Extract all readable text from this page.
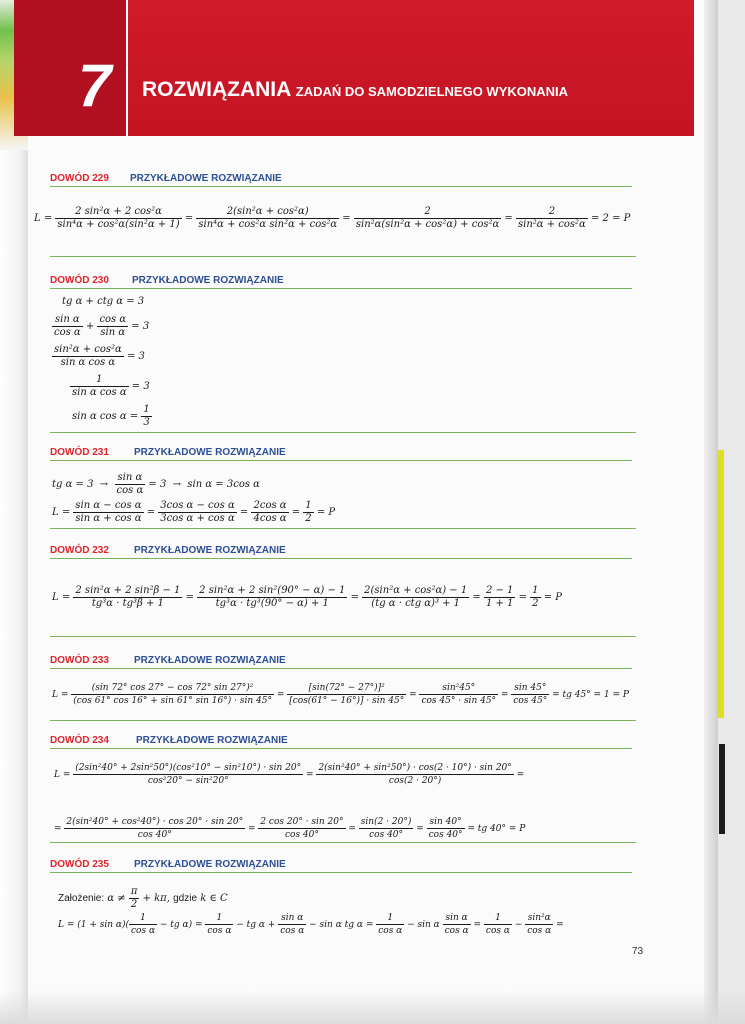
7 ROZWIĄZANIA ZADAŃ DO SAMODZIELNEGO WYKONANIA
DOWÓD 229 PRZYKŁADOWE ROZWIĄZANIE
$L = \frac{\text{2 sin²α + 2 cos²α}}{\text{sin⁴α + cos²α(sin²α + 1)}} = \frac{\text{2(sin²α + cos²α)}}{\text{sin⁴α + cos²α sin²α + cos²α}} = \frac{2}{\text{sin²α(sin²α + cos²α) + cos²α}} = \frac{2}{\text{sin²α + cos²α}} = 2 = P$
DOWÓD 230 PRZYKŁADOWE ROZWIĄZANIE
tg α + ctg α = 3
$\frac{\text{sin α}}{\text{cos α}} + \frac{\text{cos α}}{\text{sin α}} = 3$
$\frac{\text{sin²α + cos²α}}{\text{sin α cos α}} = 3$
$\frac{1}{\text{sin α cos α}} = 3$
sin α $\cos \alpha = \frac{1}{3}$
DOWÓD 231	PRZYKŁADOWE ROZWIĄZANIE
tg $\alpha = 3 \to \frac{\text{sin α}}{\text{cos α}} = 3 \to \sin \alpha = 3\cos$ α
$L = \frac{\text{sin α − cos α}}{\text{sin α + cos α}} = \frac{\text{3cos α − cos α}}{\text{3cos α + cos α}} = \frac{\text{2cos α}}{\text{4cos α}} = \frac{1}{2} = P$
DOWÓD 232	PRZYKŁADOWE ROZWIĄZANIE
$L = \frac{\text{2 sin²α + 2 sin²β − 1}}{\text{tg³α · tg³β + 1}} = \frac{\text{2 sin²α + 2 sin²(90° − α) − 1}}{\text{tg³α · tg³(90° − α) + 1}} = \frac{\text{2(sin²α + cos²α) − 1}}{\text{(tg α · ctg α)³ + 1}} = \frac{2 - 1}{1 + 1} = \frac{1}{2} = P$
DOWÓD 233	PRZYKŁADOWE ROZWIĄZANIE
$L = \frac{\text{(sin 72° cos 27° − cos 72° sin 27°)²}}{(\cos 61^\circ \cos 16^\circ + \sin 61^\circ \sin 16^\circ) \cdot \sin 45^\circ} = \frac{\text{[sin(72° − 27°)]²}}{[\cos(61^\circ - 16^\circ)] \cdot \sin 45^\circ} = \frac{\text{sin²45°}}{\cos 45^\circ \cdot \sin 45^\circ} = \frac{\sin 45^\circ}{\cos 45^\circ}$ = tg 45° = 1 = P
DOWÓD 234	PRZYKŁADOWE ROZWIĄZANIE
$L = \frac{\text{(2sin²40° + 2sin²50°)(cos²10° − sin²10°) · sin 20°}}{\text{cos²20° − sin²20°}} = \frac{\text{2(sin²40° + sin²50°) · cos(2 · 10°) · sin 20°}}{\cos(2 \cdot 20^\circ)}$ =
= $\frac{\text{2(sin²40° + cos²40°) · cos 20° · sin 20°}}{\cos 40^\circ} = \frac{2 \cos 20^\circ \cdot \sin 20^\circ}{\cos 40^\circ} = \frac{\sin(2 \cdot 20^\circ)}{\cos 40^\circ} = \frac{\sin 40^\circ}{\cos 40^\circ}$ = tg 40° = P
DOWÓD 235	PRZYKŁADOWE ROZWIĄZANIE
Założenie: $\alpha \ne \frac{\pi}{2} + k\pi$, gdzie k ∈ C
$L = (1 + \sin \alpha)( \frac{1}{\text{cos α}}$ − tg $\alpha) = \frac{1}{\text{cos α}}$ − tg $\alpha + \frac{\text{sin α}}{\text{cos α}} - \sin \alpha$ tg $\alpha = \frac{1}{\text{cos α}} - \sin \alpha \frac{\text{sin α}}{\text{cos α}} = \frac{1}{\text{cos α}} - \frac{\text{sin²α}}{\text{cos α}}$ =
73
